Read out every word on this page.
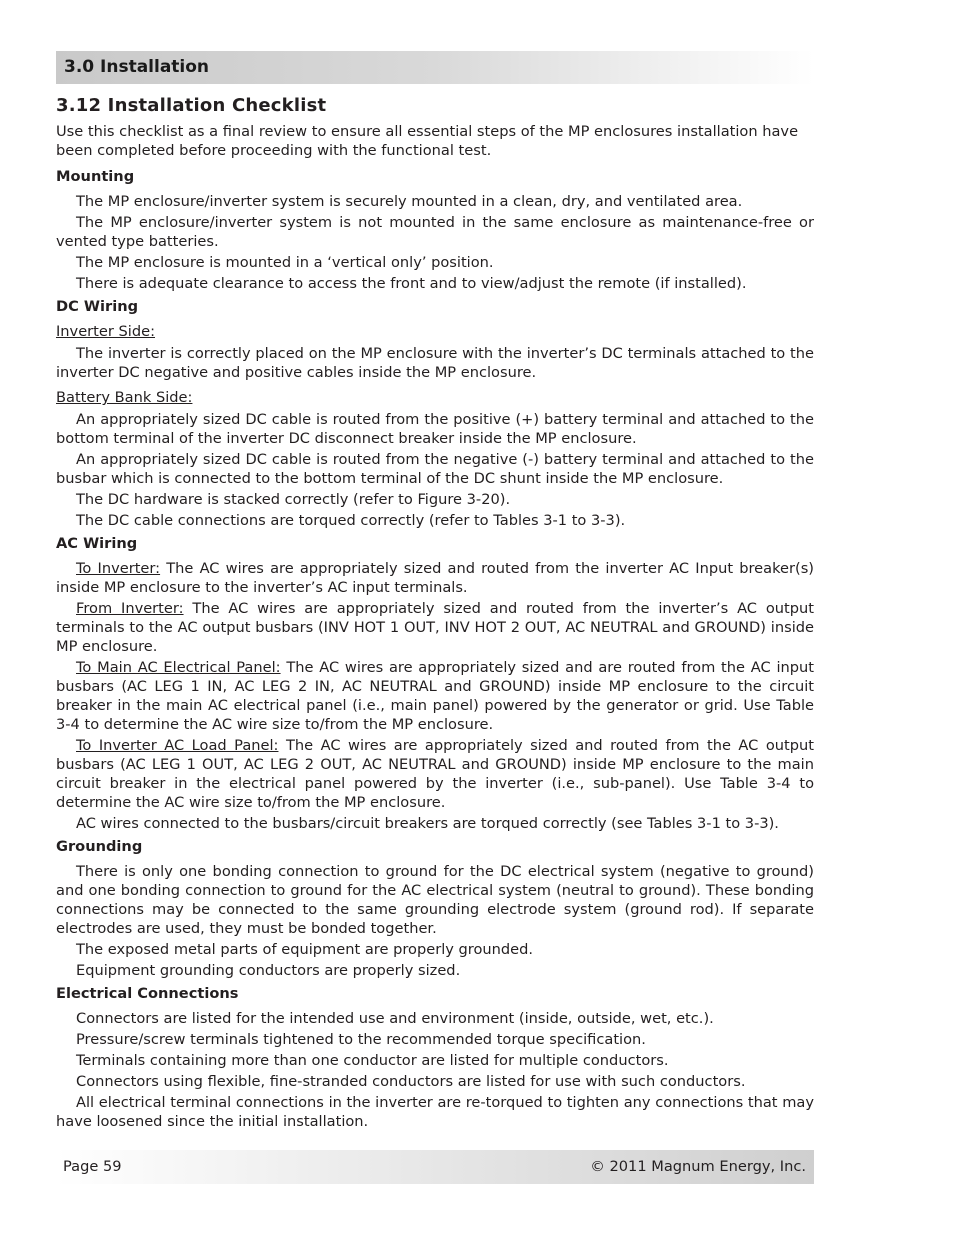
3.0 Installation
3.12 Installation Checklist

Use this checklist as a final review to ensure all essential steps of the MP enclosures installation have been completed before proceeding with the functional test.

Mounting

The MP enclosure/inverter system is securely mounted in a clean, dry, and ventilated area.

The MP enclosure/inverter system is not mounted in the same enclosure as maintenance-free or vented type batteries.

The MP enclosure is mounted in a ‘vertical only’ position.

There is adequate clearance to access the front and to view/adjust the remote (if installed).

DC Wiring

Inverter Side:

The inverter is correctly placed on the MP enclosure with the inverter’s DC terminals attached to the inverter DC negative and positive cables inside the MP enclosure.

Battery Bank Side:

An appropriately sized DC cable is routed from the positive (+) battery terminal and attached to the bottom terminal of the inverter DC disconnect breaker inside the MP enclosure.

An appropriately sized DC cable is routed from the negative (-) battery terminal and attached to the busbar which is connected to the bottom terminal of the DC shunt inside the MP enclosure.

The DC hardware is stacked correctly (refer to Figure 3-20).

The DC cable connections are torqued correctly (refer to Tables 3-1 to 3-3).

AC Wiring

To Inverter: The AC wires are appropriately sized and routed from the inverter AC Input breaker(s) inside MP enclosure to the inverter’s AC input terminals.

From Inverter: The AC wires are appropriately sized and routed from the inverter’s AC output terminals to the AC output busbars (INV HOT 1 OUT, INV HOT 2 OUT, AC NEUTRAL and GROUND) inside MP enclosure.

To Main AC Electrical Panel: The AC wires are appropriately sized and are routed from the AC input busbars (AC LEG 1 IN, AC LEG 2 IN, AC NEUTRAL and GROUND) inside MP enclosure to the circuit breaker in the main AC electrical panel (i.e., main panel) powered by the generator or grid. Use Table 3-4 to determine the AC wire size to/from the MP enclosure.

To Inverter AC Load Panel: The AC wires are appropriately sized and routed from the AC output busbars (AC LEG 1 OUT, AC LEG 2 OUT, AC NEUTRAL and GROUND) inside MP enclosure to the main circuit breaker in the electrical panel powered by the inverter (i.e., sub-panel). Use Table 3-4 to determine the AC wire size to/from the MP enclosure.

AC wires connected to the busbars/circuit breakers are torqued correctly (see Tables 3-1 to 3-3).

Grounding

There is only one bonding connection to ground for the DC electrical system (negative to ground) and one bonding connection to ground for the AC electrical system (neutral to ground). These bonding connections may be connected to the same grounding electrode system (ground rod). If separate electrodes are used, they must be bonded together.

The exposed metal parts of equipment are properly grounded.

Equipment grounding conductors are properly sized.

Electrical Connections

Connectors are listed for the intended use and environment (inside, outside, wet, etc.).

Pressure/screw terminals tightened to the recommended torque specification.

Terminals containing more than one conductor are listed for multiple conductors.

Connectors using flexible, fine-stranded conductors are listed for use with such conductors.

All electrical terminal connections in the inverter are re-torqued to tighten any connections that may have loosened since the initial installation.

Page 59	© 2011 Magnum Energy, Inc.
